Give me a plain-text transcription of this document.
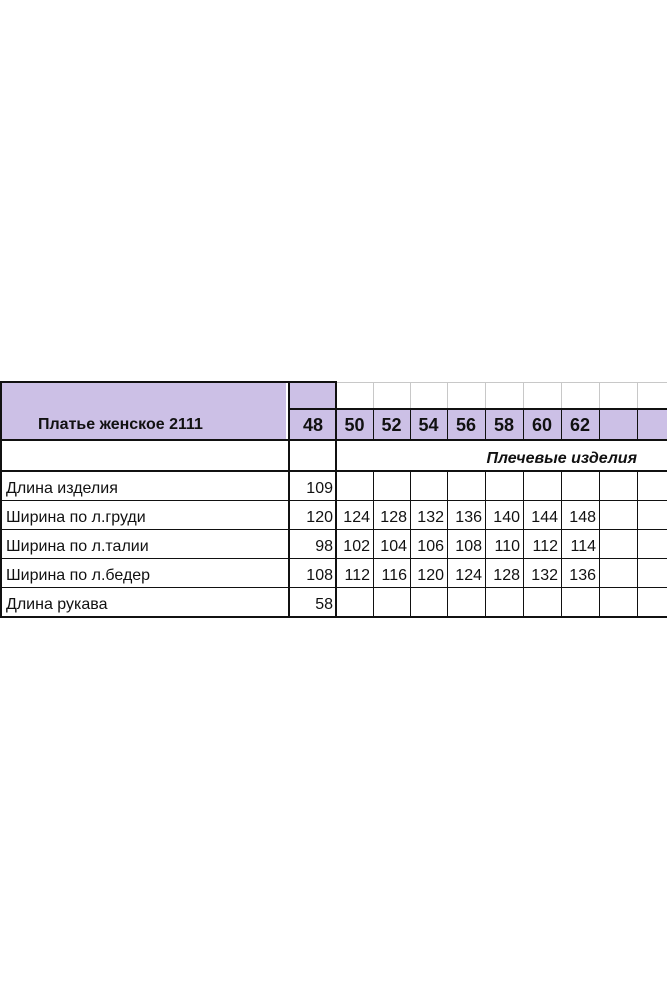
Платье женское 2111	48	50 52 54 56 58 60 62
Плечевые изделия
Длина изделия
Ширина по л.груди
Ширина по л.талии
Ширина по л.бедер
Длина рукава
109
120 124 128 132 136 140 144 148
98 102 104 106 108 110 112 114
108 112 116 120 124 128 132 136
58
